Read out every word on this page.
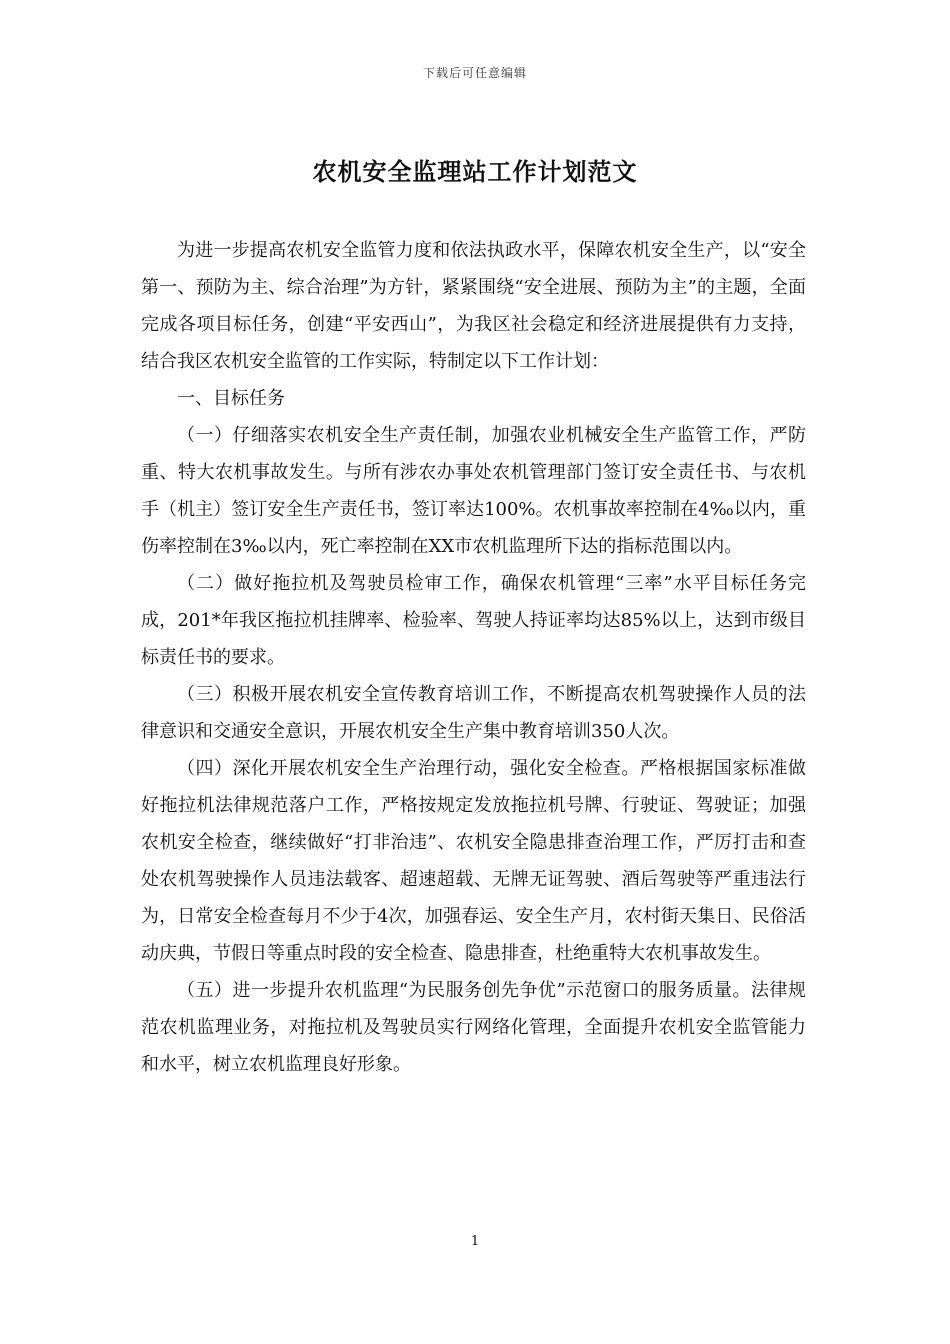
下载后可任意编辑
农机安全监理站工作计划范文

为进一步提高农机安全监管力度和依法执政水平，保障农机安全生产，以“安全第一、预防为主、综合治理”为方针，紧紧围绕“安全进展、预防为主”的主题，全面完成各项目标任务，创建“平安西山”，为我区社会稳定和经济进展提供有力支持，结合我区农机安全监管的工作实际，特制定以下工作计划：

一、目标任务

（一）仔细落实农机安全生产责任制，加强农业机械安全生产监管工作，严防重、特大农机事故发生。与所有涉农办事处农机管理部门签订安全责任书、与农机手（机主）签订安全生产责任书，签订率达100%。农机事故率控制在4‰以内，重伤率控制在3‰以内，死亡率控制在XX市农机监理所下达的指标范围以内。

（二）做好拖拉机及驾驶员检审工作，确保农机管理“三率”水平目标任务完成，201*年我区拖拉机挂牌率、检验率、驾驶人持证率均达85%以上，达到市级目标责任书的要求。

（三）积极开展农机安全宣传教育培训工作，不断提高农机驾驶操作人员的法律意识和交通安全意识，开展农机安全生产集中教育培训350人次。

（四）深化开展农机安全生产治理行动，强化安全检查。严格根据国家标准做好拖拉机法律规范落户工作，严格按规定发放拖拉机号牌、行驶证、驾驶证；加强农机安全检查，继续做好“打非治违”、农机安全隐患排查治理工作，严厉打击和查处农机驾驶操作人员违法载客、超速超载、无牌无证驾驶、酒后驾驶等严重违法行为，日常安全检查每月不少于4次，加强春运、安全生产月，农村街天集日、民俗活动庆典，节假日等重点时段的安全检查、隐患排查，杜绝重特大农机事故发生。

（五）进一步提升农机监理“为民服务创先争优”示范窗口的服务质量。法律规范农机监理业务，对拖拉机及驾驶员实行网络化管理，全面提升农机安全监管能力和水平，树立农机监理良好形象。

1
